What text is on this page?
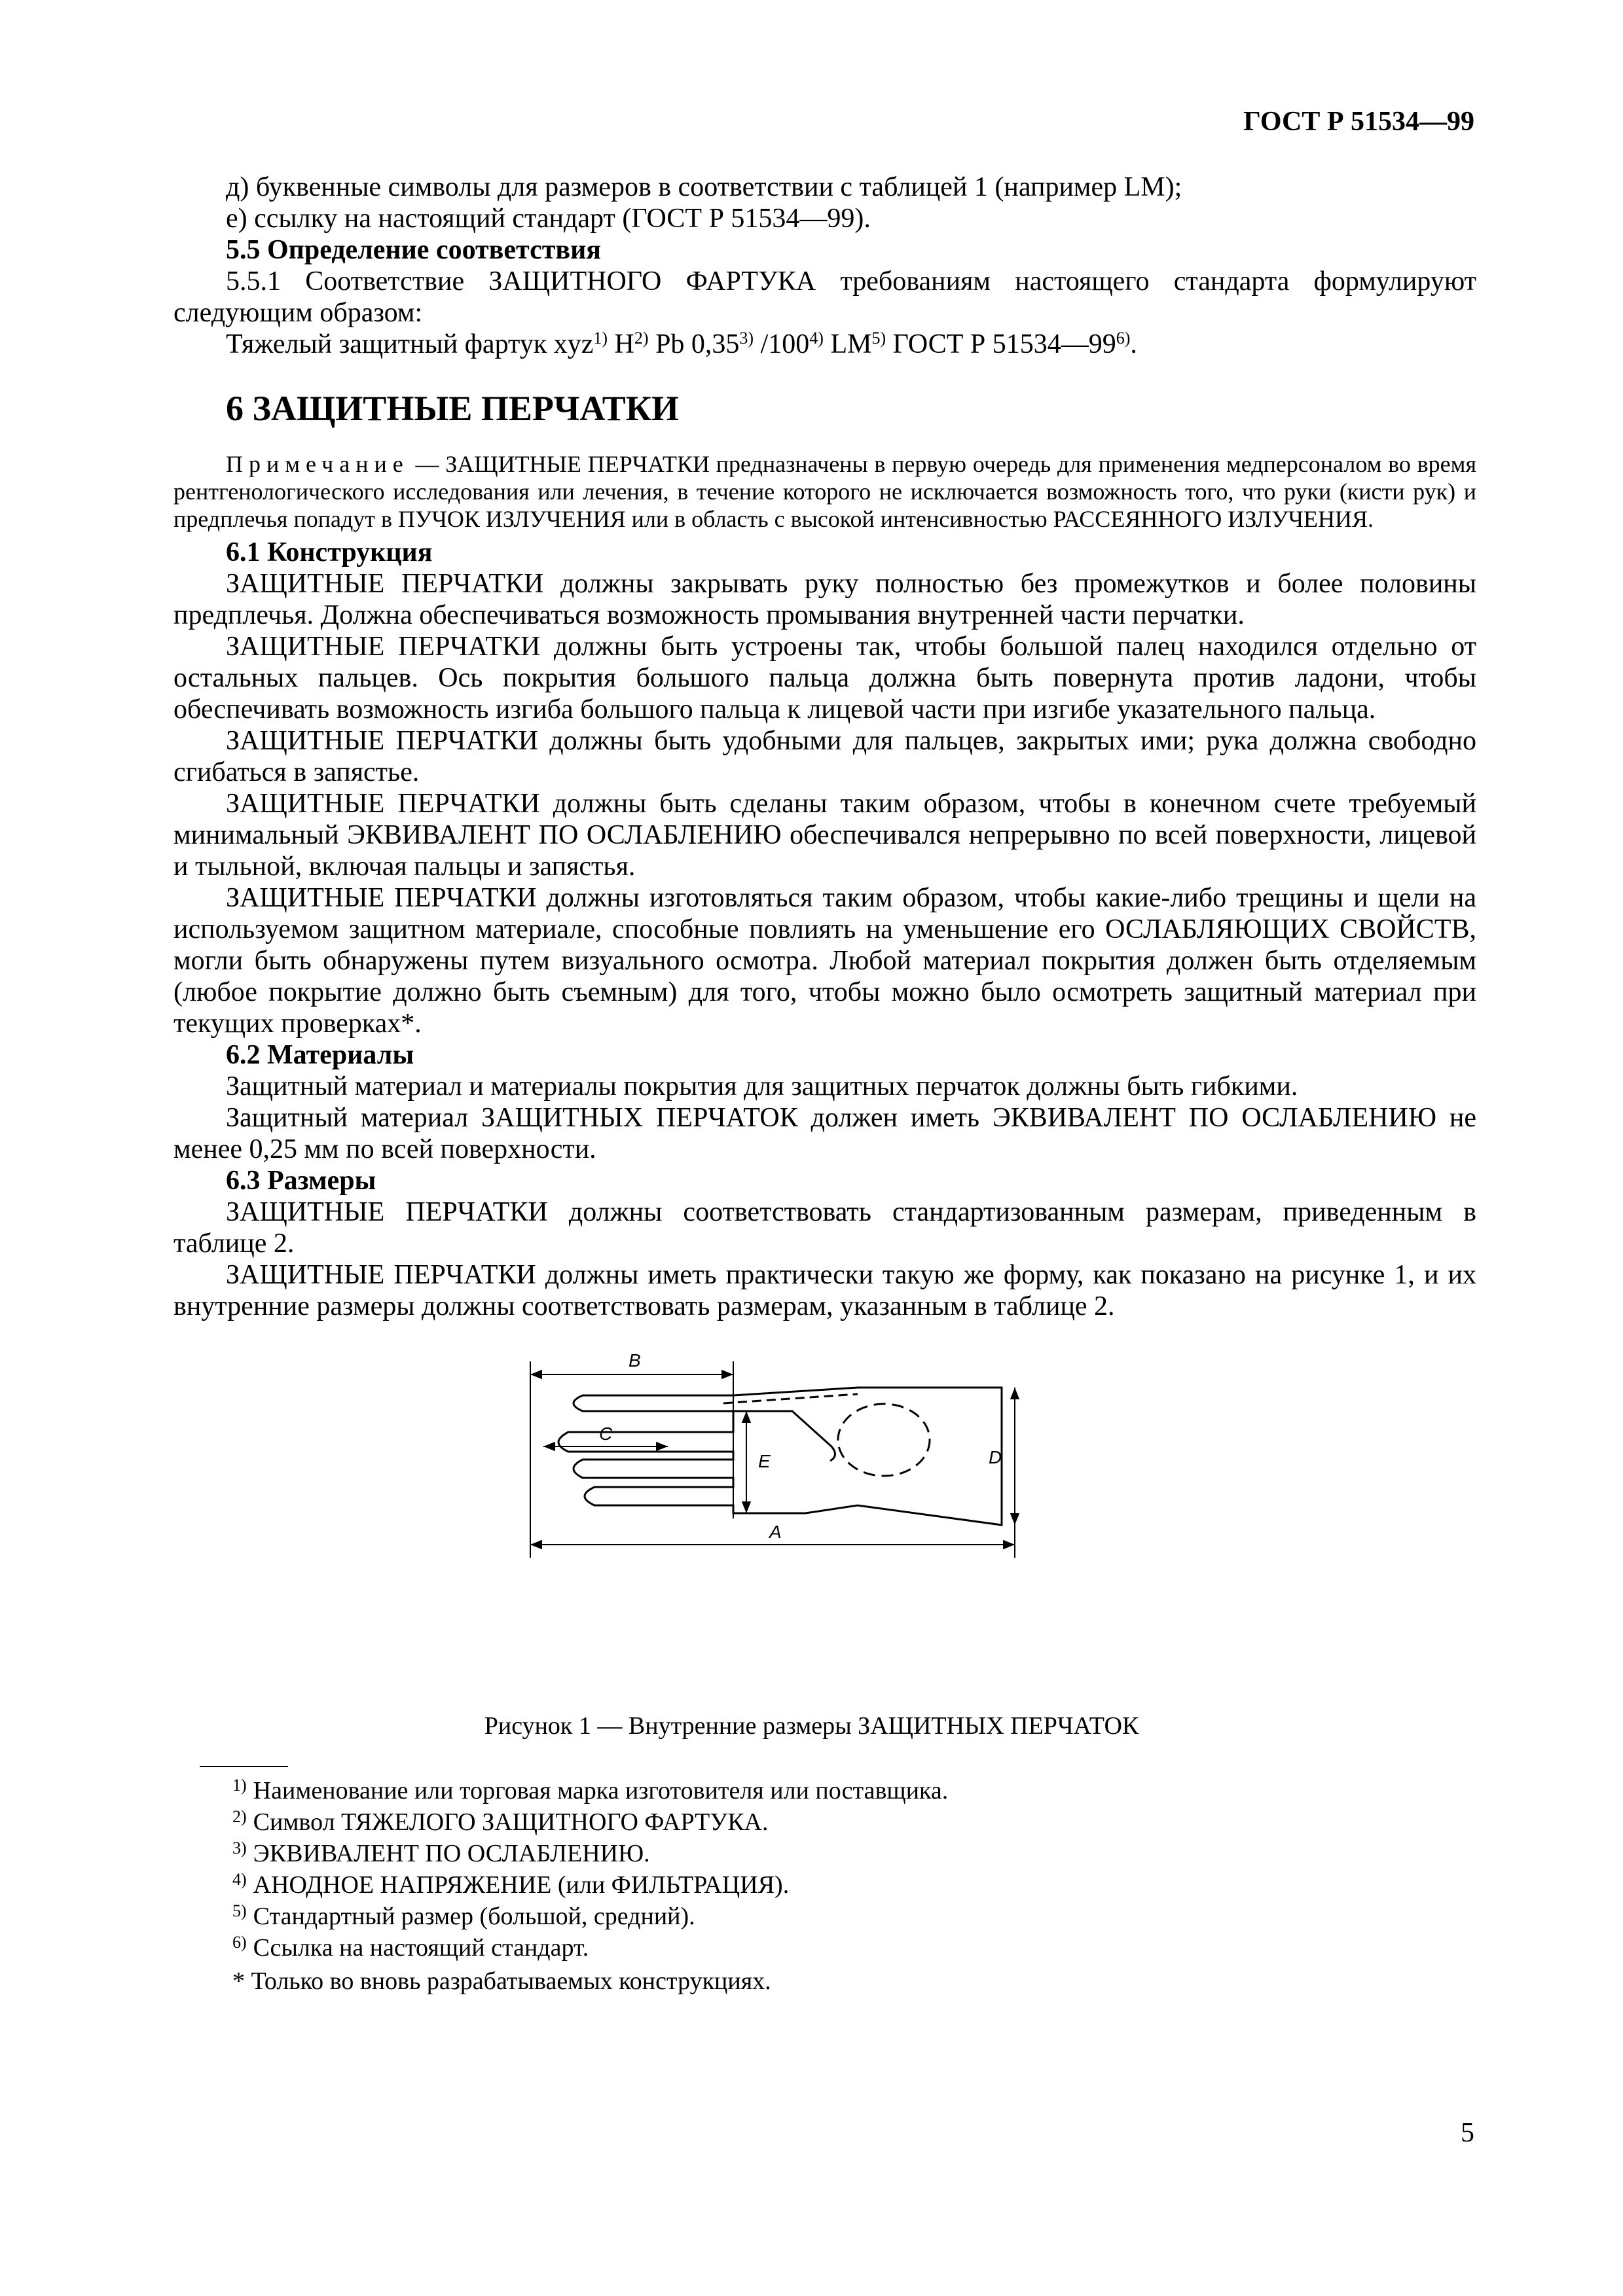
ГОСТ Р 51534—99

д) буквенные символы для размеров в соответствии с таблицей 1 (например LM);

е) ссылку на настоящий стандарт (ГОСТ Р 51534—99).

5.5 Определение соответствия

5.5.1 Соответствие ЗАЩИТНОГО ФАРТУКА требованиям настоящего стандарта формулируют следующим образом:

Тяжелый защитный фартук xyz$^{1)}$ $H^{2)}$ Pb 0,35$^{3)}$ /100$^{4)}$ LM$^{5)}$ ГОСТ Р 51534—99$^{6)}$.

6 ЗАЩИТНЫЕ ПЕРЧАТКИ

Примечание — ЗАЩИТНЫЕ ПЕРЧАТКИ предназначены в первую очередь для применения медперсоналом во время рентгенологического исследования или лечения, в течение которого не исключается возможность того, что руки (кисти рук) и предплечья попадут в ПУЧОК ИЗЛУЧЕНИЯ или в область с высокой интенсивностью РАССЕЯННОГО ИЗЛУЧЕНИЯ.

6.1 Конструкция

ЗАЩИТНЫЕ ПЕРЧАТКИ должны закрывать руку полностью без промежутков и более половины предплечья. Должна обеспечиваться возможность промывания внутренней части перчатки.

ЗАЩИТНЫЕ ПЕРЧАТКИ должны быть устроены так, чтобы большой палец находился отдельно от остальных пальцев. Ось покрытия большого пальца должна быть повернута против ладони, чтобы обеспечивать возможность изгиба большого пальца к лицевой части при изгибе указательного пальца.

ЗАЩИТНЫЕ ПЕРЧАТКИ должны быть удобными для пальцев, закрытых ими; рука должна свободно сгибаться в запястье.

ЗАЩИТНЫЕ ПЕРЧАТКИ должны быть сделаны таким образом, чтобы в конечном счете требуемый минимальный ЭКВИВАЛЕНТ ПО ОСЛАБЛЕНИЮ обеспечивался непрерывно по всей поверхности, лицевой и тыльной, включая пальцы и запястья.

ЗАЩИТНЫЕ ПЕРЧАТКИ должны изготовляться таким образом, чтобы какие-либо трещины и щели на используемом защитном материале, способные повлиять на уменьшение его ОСЛАБЛЯЮЩИХ СВОЙСТВ, могли быть обнаружены путем визуального осмотра. Любой материал покрытия должен быть отделяемым (любое покрытие должно быть съемным) для того, чтобы можно было осмотреть защитный материал при текущих проверках*.

6.2 Материалы

Защитный материал и материалы покрытия для защитных перчаток должны быть гибкими.

Защитный материал ЗАЩИТНЫХ ПЕРЧАТОК должен иметь ЭКВИВАЛЕНТ ПО ОСЛАБЛЕНИЮ не менее 0,25 мм по всей поверхности.

6.3 Размеры

ЗАЩИТНЫЕ ПЕРЧАТКИ должны соответствовать стандартизованным размерам, приведенным в таблице 2.

ЗАЩИТНЫЕ ПЕРЧАТКИ должны иметь практически такую же форму, как показано на рисунке 1, и их внутренние размеры должны соответствовать размерам, указанным в таблице 2.

B
C
E	D
A
Рисунок 1 — Внутренние размеры ЗАЩИТНЫХ ПЕРЧАТОК

$^{1)}$ Наименование или торговая марка изготовителя или поставщика.

$^{2)}$ Символ ТЯЖЕЛОГО ЗАЩИТНОГО ФАРТУКА.

$^{3)}$ ЭКВИВАЛЕНТ ПО ОСЛАБЛЕНИЮ.

$^{4)}$ АНОДНОЕ НАПРЯЖЕНИЕ (или ФИЛЬТРАЦИЯ).

$^{5)}$ Стандартный размер (большой, средний).

$^{6)}$ Ссылка на настоящий стандарт.

* Только во вновь разрабатываемых конструкциях.
5
